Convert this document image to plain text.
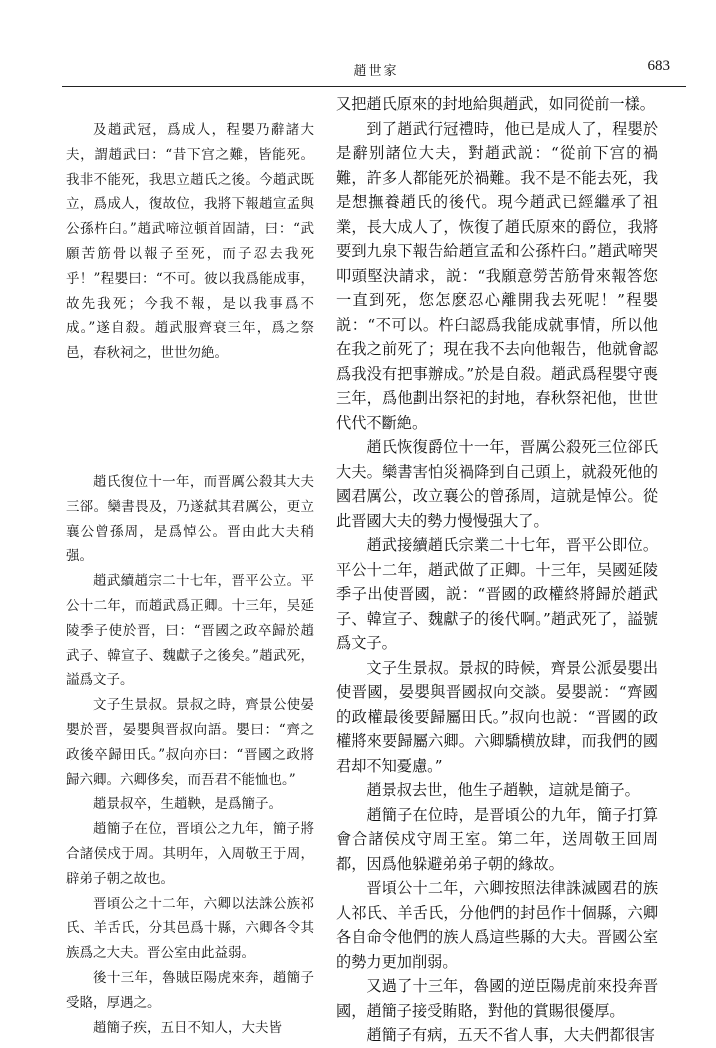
趙世家	683

及趙武冠，爲成人，程嬰乃辭諸大夫，謂趙武曰：“昔下宫之難，皆能死。我非不能死，我思立趙氏之後。今趙武既立，爲成人，復故位，我將下報趙宣孟與公孫杵臼。”趙武啼泣頓首固請，曰：“武願苦筋骨以報子至死，而子忍去我死乎！”程嬰曰：“不可。彼以我爲能成事，故先我死；今我不報，是以我事爲不成。”遂自殺。趙武服齊衰三年，爲之祭邑，春秋祠之，世世勿絶。

趙氏復位十一年，而晋厲公殺其大夫三郤。欒書畏及，乃遂弑其君厲公，更立襄公曾孫周，是爲悼公。晋由此大夫稍强。

趙武續趙宗二十七年，晋平公立。平公十二年，而趙武爲正卿。十三年，吴延陵季子使於晋，曰：“晋國之政卒歸於趙武子、韓宣子、魏獻子之後矣。”趙武死，謚爲文子。

文子生景叔。景叔之時，齊景公使晏嬰於晋，晏嬰與晋叔向語。嬰曰：“齊之政後卒歸田氏。”叔向亦曰：“晋國之政將歸六卿。六卿侈矣，而吾君不能恤也。”

趙景叔卒，生趙鞅，是爲簡子。

趙簡子在位，晋頃公之九年，簡子將合諸侯戍于周。其明年，入周敬王于周，辟弟子朝之故也。

晋頃公之十二年，六卿以法誅公族祁氏、羊舌氏，分其邑爲十縣，六卿各令其族爲之大夫。晋公室由此益弱。

後十三年，魯賊臣陽虎來奔，趙簡子受賂，厚遇之。

趙簡子疾，五日不知人，大夫皆

又把趙氏原來的封地給與趙武，如同從前一樣。

到了趙武行冠禮時，他已是成人了，程嬰於是辭别諸位大夫，對趙武説：“從前下宫的禍難，許多人都能死於禍難。我不是不能去死，我是想撫養趙氏的後代。現今趙武已經繼承了祖業，長大成人了，恢復了趙氏原來的爵位，我將要到九泉下報告給趙宣孟和公孫杵臼。”趙武啼哭叩頭堅決請求，説：“我願意勞苦筋骨來報答您一直到死，您怎麽忍心離開我去死呢！”程嬰説：“不可以。杵臼認爲我能成就事情，所以他在我之前死了；現在我不去向他報告，他就會認爲我没有把事辦成。”於是自殺。趙武爲程嬰守喪三年，爲他劃出祭祀的封地，春秋祭祀他，世世代代不斷絶。

趙氏恢復爵位十一年，晋厲公殺死三位郤氏大夫。欒書害怕災禍降到自己頭上，就殺死他的國君厲公，改立襄公的曾孫周，這就是悼公。從此晋國大夫的勢力慢慢强大了。

趙武接續趙氏宗業二十七年，晋平公即位。平公十二年，趙武做了正卿。十三年，吴國延陵季子出使晋國，説：“晋國的政權終將歸於趙武子、韓宣子、魏獻子的後代啊。”趙武死了，謚號爲文子。

文子生景叔。景叔的時候，齊景公派晏嬰出使晋國，晏嬰與晋國叔向交談。晏嬰説：“齊國的政權最後要歸屬田氏。”叔向也説：“晋國的政權將來要歸屬六卿。六卿驕横放肆，而我們的國君却不知憂慮。”

趙景叔去世，他生子趙鞅，這就是簡子。

趙簡子在位時，是晋頃公的九年，簡子打算會合諸侯戍守周王室。第二年，送周敬王回周都，因爲他躲避弟弟子朝的緣故。

晋頃公十二年，六卿按照法律誅滅國君的族人祁氏、羊舌氏，分他們的封邑作十個縣，六卿各自命令他們的族人爲這些縣的大夫。晋國公室的勢力更加削弱。

又過了十三年，魯國的逆臣陽虎前來投奔晋國，趙簡子接受賄賂，對他的賞賜很優厚。

趙簡子有病，五天不省人事，大夫們都很害
